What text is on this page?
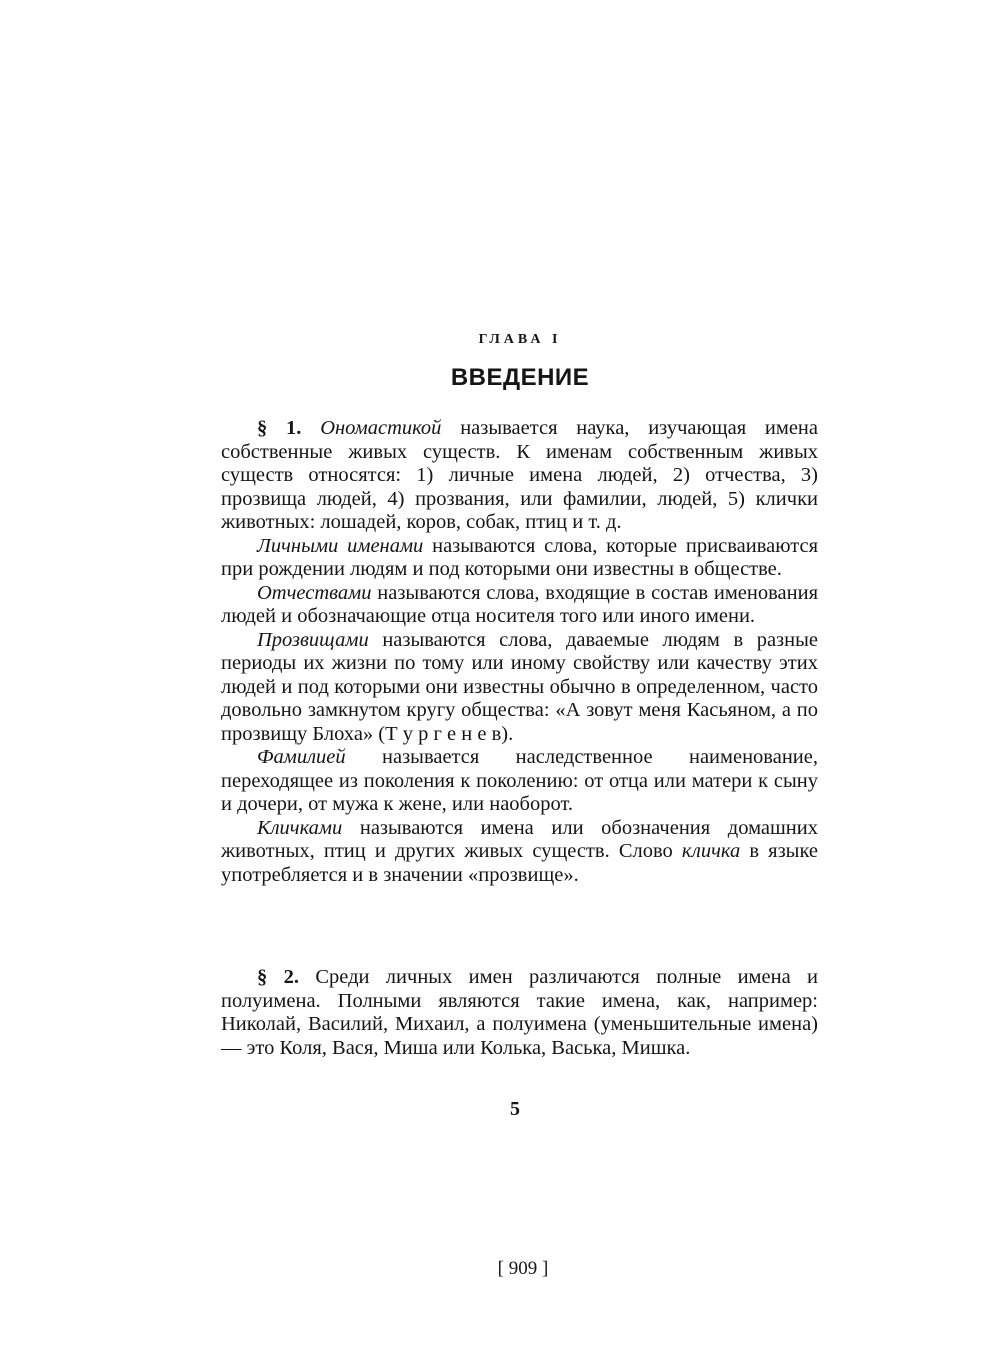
ГЛАВА I
ВВЕДЕНИЕ

§ 1. Ономастикой называется наука, изучающая имена собственные живых существ. К именам собственным живых существ относятся: 1) личные имена людей, 2) отчества, 3) прозвища людей, 4) прозвания, или фамилии, людей, 5) клички животных: лошадей, коров, собак, птиц и т. д.

Личными именами называются слова, которые присваиваются при рождении людям и под которыми они известны в обществе.

Отчествами называются слова, входящие в состав именования людей и обозначающие отца носителя того или иного имени.

Прозвищами называются слова, даваемые людям в разные периоды их жизни по тому или иному свойству или качеству этих людей и под которыми они известны обычно в определенном, часто довольно замкнутом кругу общества: «А зовут меня Касьяном, а по прозвищу Блоха» (Т у р г е н е в).

Фамилией называется наследственное наименование, переходящее из поколения к поколению: от отца или матери к сыну и дочери, от мужа к жене, или наоборот.

Кличками называются имена или обозначения домашних животных, птиц и других живых существ. Слово кличка в языке употребляется и в значении «прозвище».

§ 2. Среди личных имен различаются полные имена и полуимена. Полными являются такие имена, как, например: Николай, Василий, Михаил, а полуимена (уменьшительные имена) — это Коля, Вася, Миша или Колька, Васька, Мишка.

5
[ 909 ]
